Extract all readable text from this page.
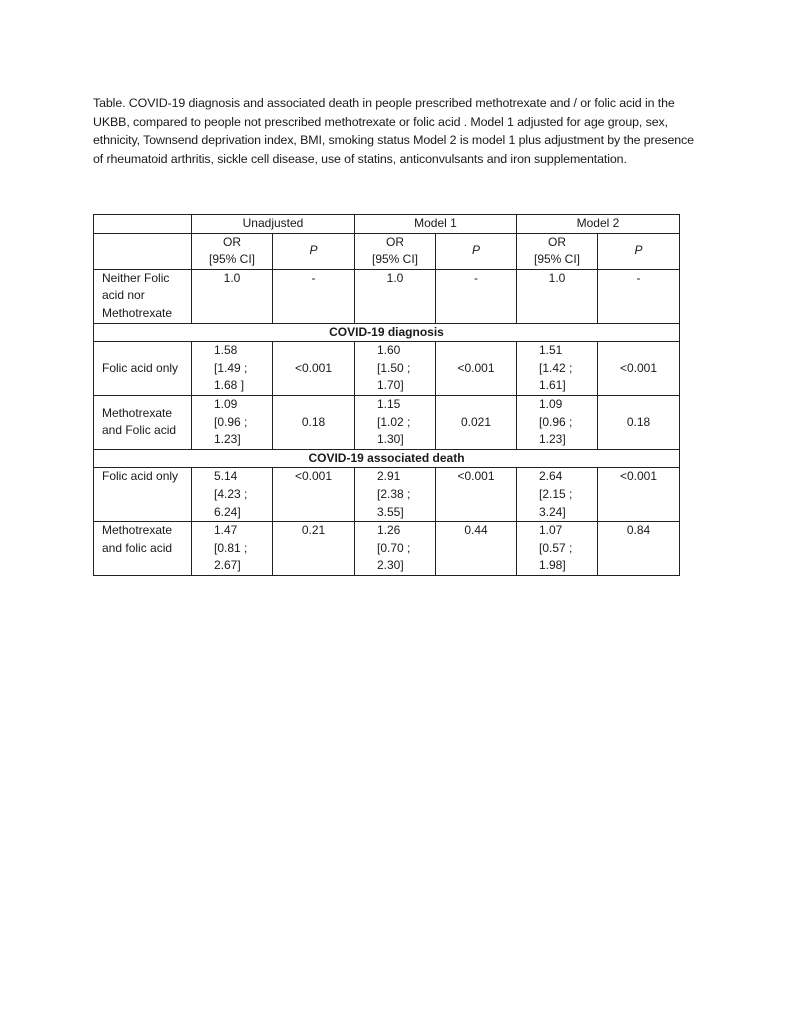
Table. COVID-19 diagnosis and associated death in people prescribed methotrexate and / or folic acid in the UKBB, compared to people not prescribed methotrexate or folic acid . Model 1 adjusted for age group, sex, ethnicity, Townsend deprivation index, BMI, smoking status Model 2 is model 1 plus adjustment by the presence of rheumatoid arthritis, sickle cell disease, use of statins, anticonvulsants and iron supplementation.
	Unadjusted		Model 1		Model 2	

	OR
[95% CI]	P	OR
[95% CI]	P	OR
[95% CI]	P

Neither Folic
acid nor
Methotrexate	1.0	-	1.0	-	1.0	-
COVID-19 diagnosis						

Folic acid only	1.58
[1.49 ;
1.68 ]	<0.001	1.60
[1.50 ;
1.70]	<0.001	1.51
[1.42 ;
1.61]	<0.001

Methotrexate
and Folic acid	1.09
[0.96 ;
1.23]	0.18	1.15
[1.02 ;
1.30]	0.021	1.09
[0.96 ;
1.23]	0.18
COVID-19 associated death						

Folic acid only	5.14
[4.23 ;
6.24]	<0.001	2.91
[2.38 ;
3.55]	<0.001	2.64
[2.15 ;
3.24]	<0.001

Methotrexate
and folic acid	1.47
[0.81 ;
2.67]	0.21	1.26
[0.70 ;
2.30]	0.44	1.07
[0.57 ;
1.98]	0.84
